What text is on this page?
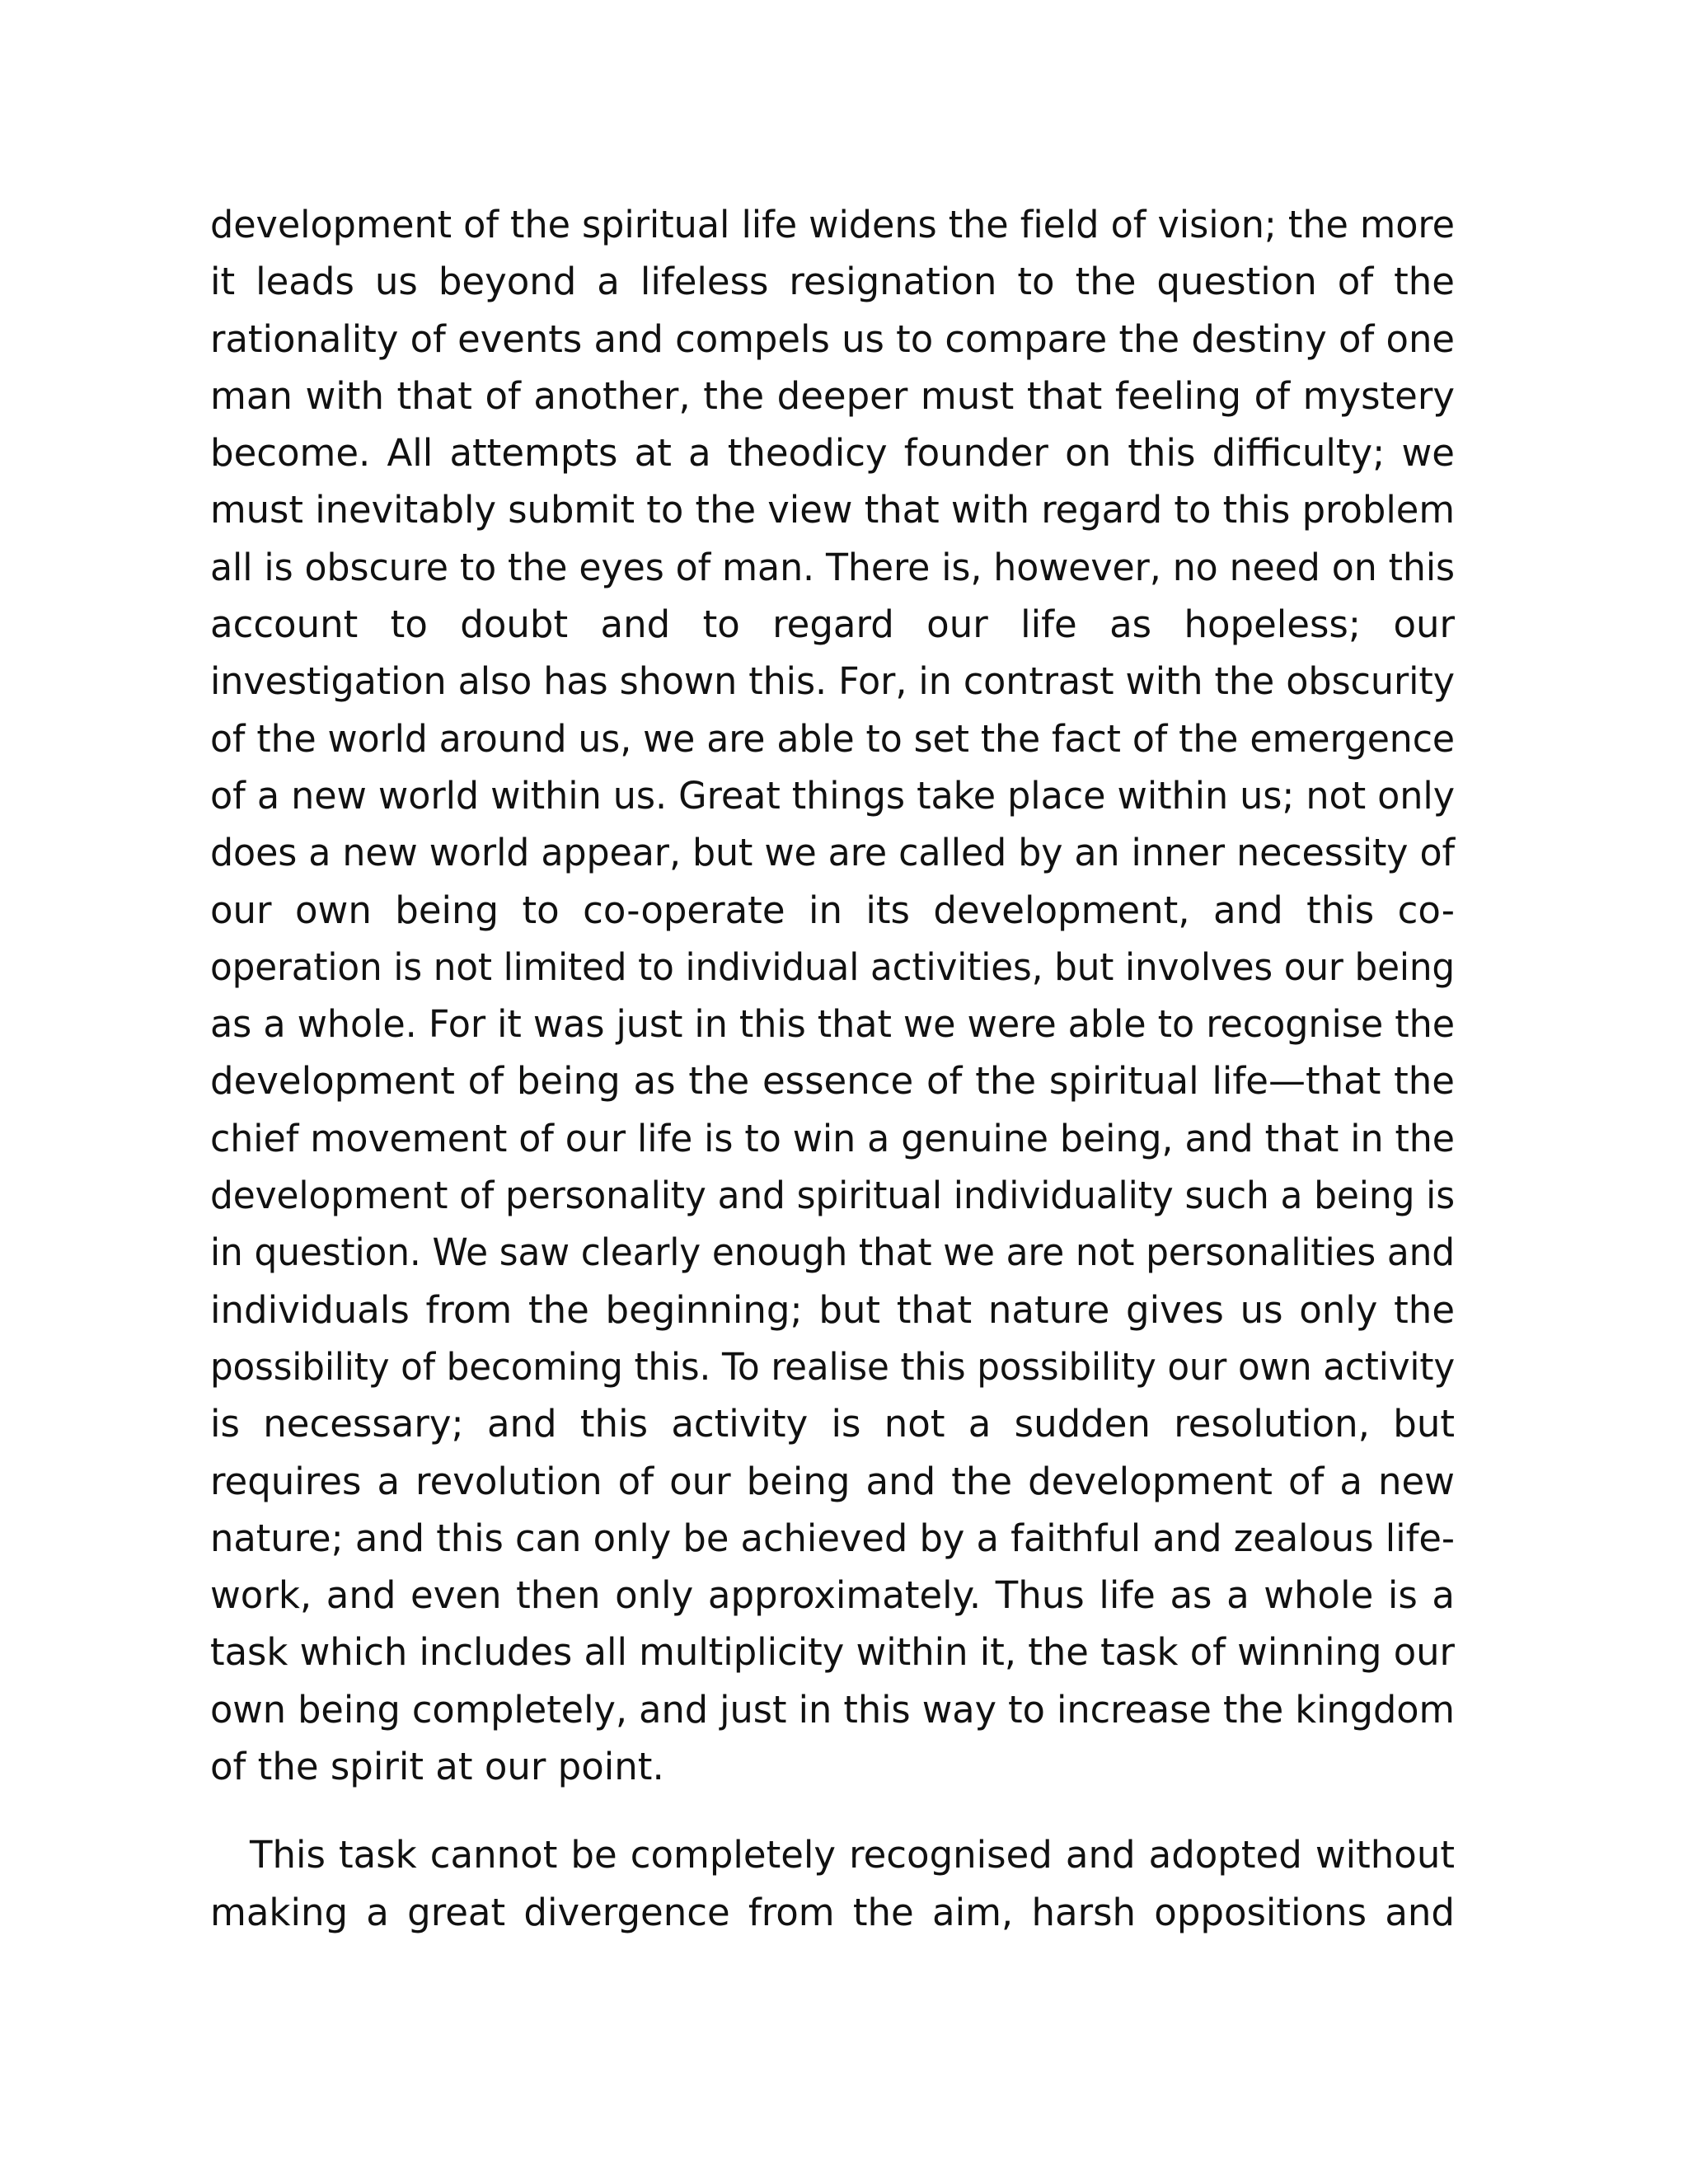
development of the spiritual life widens the field of vision; the more
it leads us beyond a lifeless resignation to the question of the
rationality of events and compels us to compare the destiny of one
man with that of another, the deeper must that feeling of mystery
become. All attempts at a theodicy founder on this difficulty; we
must inevitably submit to the view that with regard to this problem
all is obscure to the eyes of man. There is, however, no need on this
account to doubt and to regard our life as hopeless; our
investigation also has shown this. For, in contrast with the obscurity
of the world around us, we are able to set the fact of the emergence
of a new world within us. Great things take place within us; not only
does a new world appear, but we are called by an inner necessity of
our own being to co-operate in its development, and this co-
operation is not limited to individual activities, but involves our being
as a whole. For it was just in this that we were able to recognise the
development of being as the essence of the spiritual life—that the
chief movement of our life is to win a genuine being, and that in the
development of personality and spiritual individuality such a being is
in question. We saw clearly enough that we are not personalities and
individuals from the beginning; but that nature gives us only the
possibility of becoming this. To realise this possibility our own activity
is necessary; and this activity is not a sudden resolution, but
requires a revolution of our being and the development of a new
nature; and this can only be achieved by a faithful and zealous life-
work, and even then only approximately. Thus life as a whole is a
task which includes all multiplicity within it, the task of winning our
own being completely, and just in this way to increase the kingdom
of the spirit at our point.

This task cannot be completely recognised and adopted without
making a great divergence from the aim, harsh oppositions and
